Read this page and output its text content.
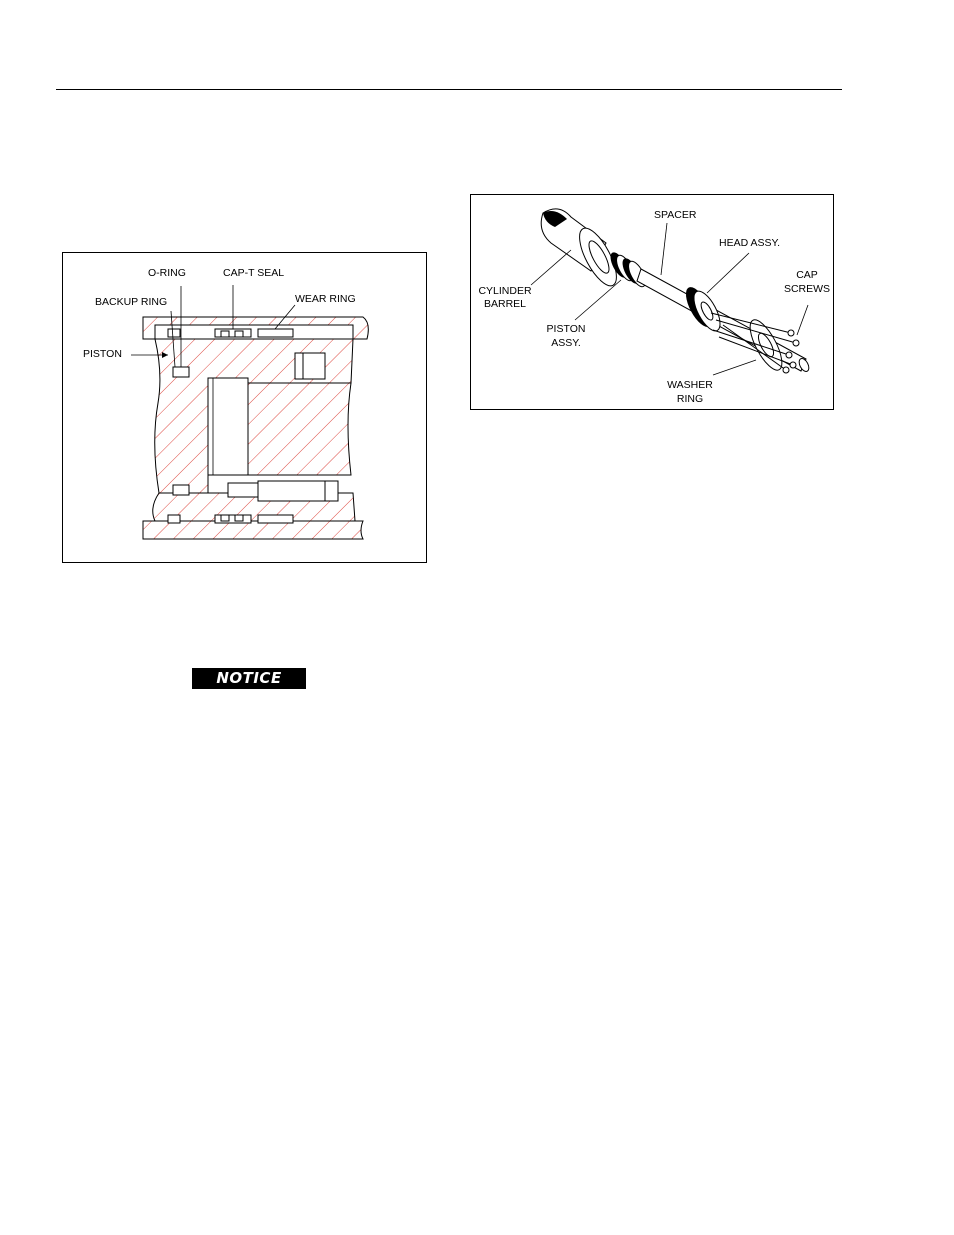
O-RING	CAP-T SEAL
BACKUP RING	WEAR RING
PISTON
SPACER
HEAD ASSY.
CAP
SCREWS
CYLINDER
BARREL
PISTON
ASSY.
WASHER
RING
NOTICE
